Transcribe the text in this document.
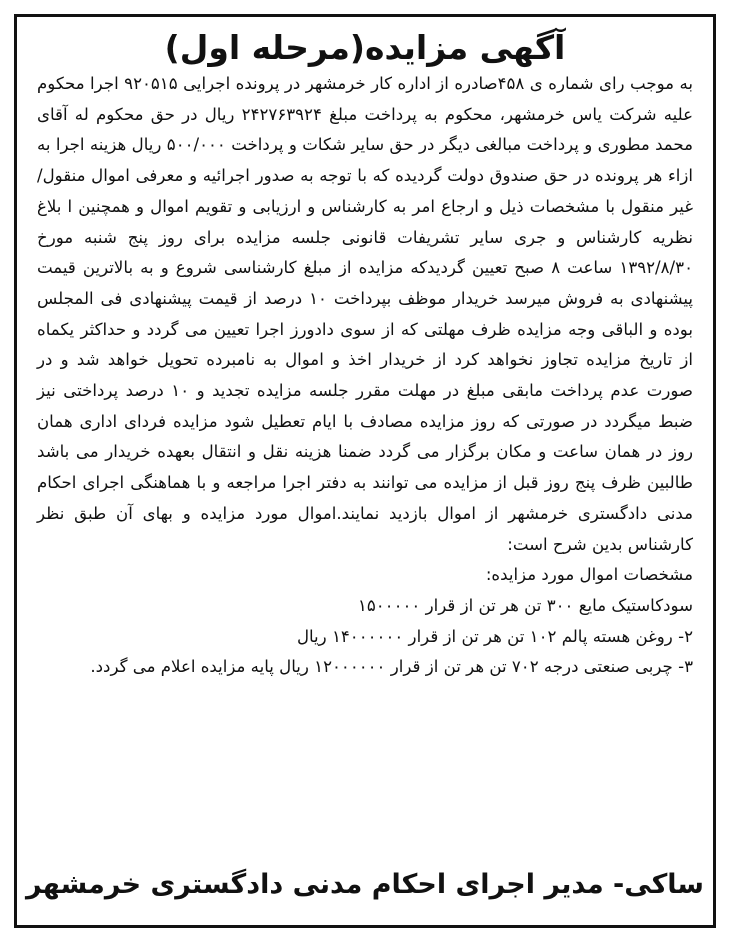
آگهی مزایده(مرحله اول)

به موجب رای شماره ی ۴۵۸صادره از اداره کار خرمشهر در پرونده اجرایی ۹۲۰۵۱۵ اجرا محکوم علیه شرکت یاس خرمشهر، محکوم به پرداخت مبلغ ۲۴۲۷۶۳۹۲۴ ریال در حق محکوم له آقای محمد مطوری و پرداخت مبالغی دیگر در حق سایر شکات و پرداخت ۵۰۰/۰۰۰ ریال هزینه اجرا به ازاء هر پرونده در حق صندوق دولت گردیده که با توجه به صدور اجرائیه و معرفی اموال منقول/غیر منقول با مشخصات ذیل و ارجاع امر به کارشناس و ارزیابی و تقویم اموال و همچنین ا بلاغ نظریه کارشناس و جری سایر تشریفات قانونی جلسه مزایده برای روز پنج شنبه مورخ ۱۳۹۲/۸/۳۰ ساعت ۸ صبح تعیین گردیدکه مزایده از مبلغ کارشناسی شروع و به بالاترین قیمت پیشنهادی به فروش میرسد خریدار موظف بپرداخت ۱۰ درصد از قیمت پیشنهادی فی المجلس بوده و الباقی وجه مزایده ظرف مهلتی که از سوی دادورز اجرا تعیین می گردد و حداکثر یکماه از تاریخ مزایده تجاوز نخواهد کرد از خریدار اخذ و اموال به نامبرده تحویل خواهد شد و در صورت عدم پرداخت مابقی مبلغ در مهلت مقرر جلسه مزایده تجدید و ۱۰ درصد پرداختی نیز ضبط میگردد در صورتی که روز مزایده مصادف با ایام تعطیل شود مزایده فردای اداری همان روز در همان ساعت و مکان برگزار می گردد ضمنا هزینه نقل و انتقال بعهده خریدار می باشد طالبین ظرف پنج روز قبل از مزایده می توانند به دفتر اجرا مراجعه و با هماهنگی اجرای احکام مدنی دادگستری خرمشهر از اموال بازدید نمایند.اموال مورد مزایده و بهای آن طبق نظر کارشناس بدین شرح است:

مشخصات اموال مورد مزایده:

سودکاستیک مایع ۳۰۰ تن هر تن از قرار ۱۵۰۰۰۰۰

۲- روغن هسته پالم ۱۰۲ تن هر تن از قرار ۱۴۰۰۰۰۰۰ ریال

۳- چربی صنعتی درجه ۷۰۲ تن هر تن از قرار ۱۲۰۰۰۰۰۰ ریال پایه مزایده اعلام می گردد.

ساکی- مدیر اجرای احکام مدنی دادگستری خرمشهر
